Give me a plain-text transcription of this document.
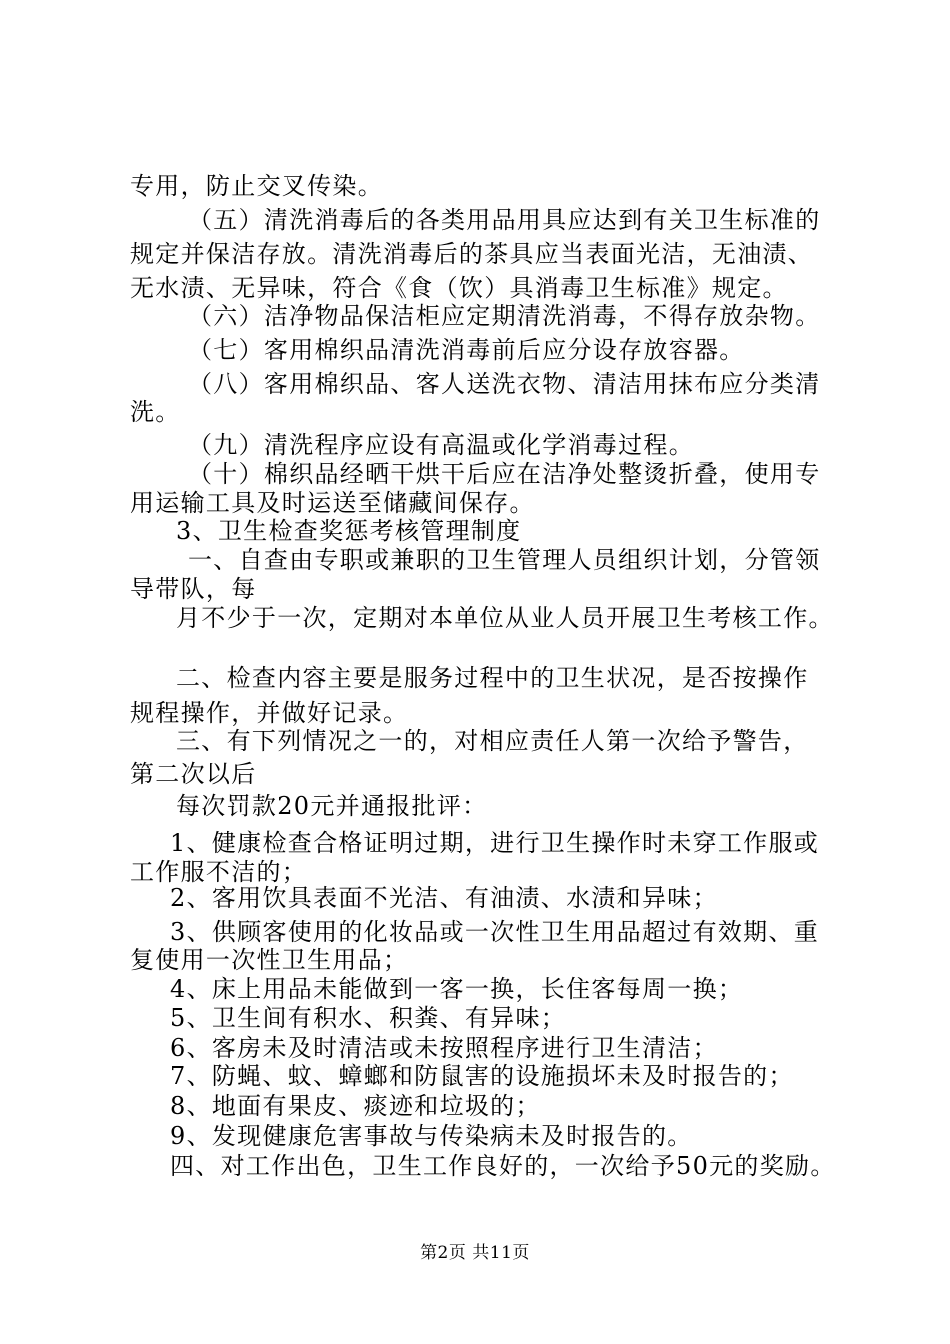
专用，防止交叉传染。
（五）清洗消毒后的各类用品用具应达到有关卫生标准的
规定并保洁存放。清洗消毒后的茶具应当表面光洁，无油渍、
无水渍、无异味，符合《食（饮）具消毒卫生标准》规定。
（六）洁净物品保洁柜应定期清洗消毒，不得存放杂物。
（七）客用棉织品清洗消毒前后应分设存放容器。
（八）客用棉织品、客人送洗衣物、清洁用抹布应分类清
洗。
（九）清洗程序应设有高温或化学消毒过程。
（十）棉织品经晒干烘干后应在洁净处整烫折叠，使用专
用运输工具及时运送至储藏间保存。
3、卫生检查奖惩考核管理制度
一、自查由专职或兼职的卫生管理人员组织计划，分管领
导带队，每
月不少于一次，定期对本单位从业人员开展卫生考核工作。
二、检查内容主要是服务过程中的卫生状况，是否按操作
规程操作，并做好记录。
三、有下列情况之一的，对相应责任人第一次给予警告，
第二次以后
每次罚款20元并通报批评：
1、健康检查合格证明过期，进行卫生操作时未穿工作服或
工作服不洁的；
2、客用饮具表面不光洁、有油渍、水渍和异味；
3、供顾客使用的化妆品或一次性卫生用品超过有效期、重
复使用一次性卫生用品；
4、床上用品未能做到一客一换，长住客每周一换；
5、卫生间有积水、积粪、有异味；
6、客房未及时清洁或未按照程序进行卫生清洁；
7、防蝇、蚊、蟑螂和防鼠害的设施损坏未及时报告的；
8、地面有果皮、痰迹和垃圾的；
9、发现健康危害事故与传染病未及时报告的。
四、对工作出色，卫生工作良好的，一次给予50元的奖励。
第2页 共11页
